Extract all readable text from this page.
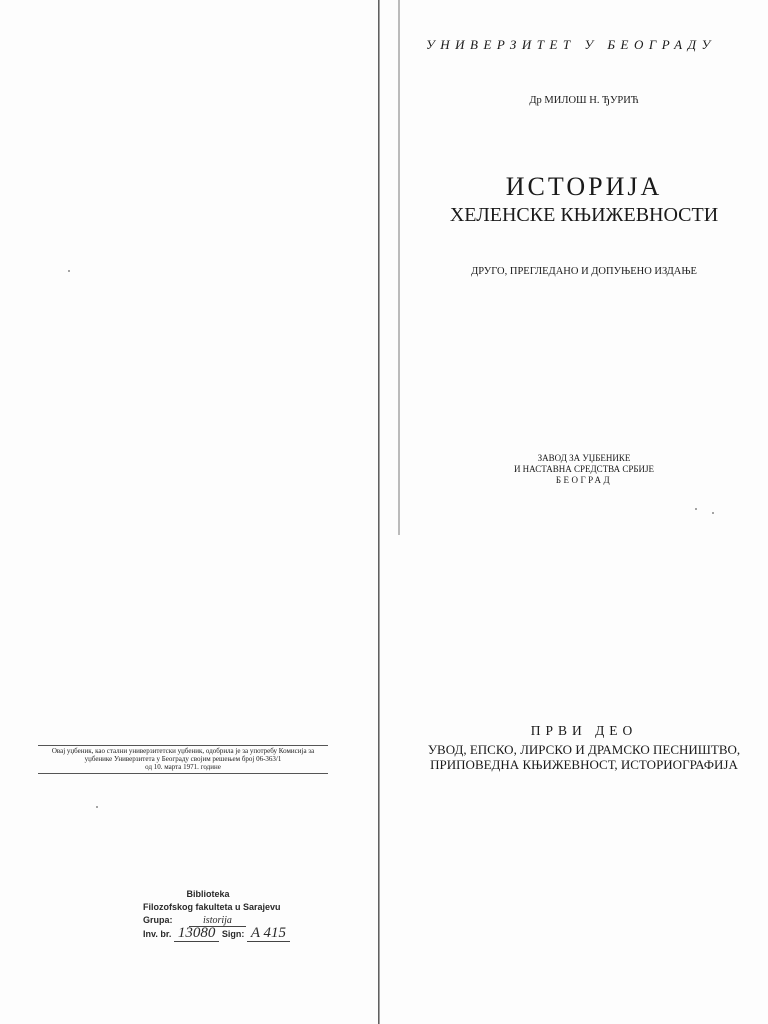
Овај уџбеник, као стални универзитетски уџбеник, одобрила је за употребу Комисија за
уџбенике Универзитета у Београду својим решењем број 06-363/1
од 10. марта 1971. године
Biblioteka
Filozofskog fakulteta u Sarajevu
Grupa:	istorija
Inv. br. 13080 Sign: A 415
УНИВЕРЗИТЕТ У БЕОГРАДУ
Др МИЛОШ Н. ЂУРИЋ
ИСТОРИЈА
ХЕЛЕНСКЕ КЊИЖЕВНОСТИ
ДРУГО, ПРЕГЛЕДАНО И ДОПУЊЕНО ИЗДАЊЕ
ЗАВОД ЗА УЏБЕНИКЕ
И НАСТАВНА СРЕДСТВА СРБИЈЕ
БЕОГРАД
ПРВИ ДЕО
УВОД, ЕПСКО, ЛИРСКО И ДРАМСКО ПЕСНИШТВО,
ПРИПОВЕДНА КЊИЖЕВНОСТ, ИСТОРИОГРАФИЈА
